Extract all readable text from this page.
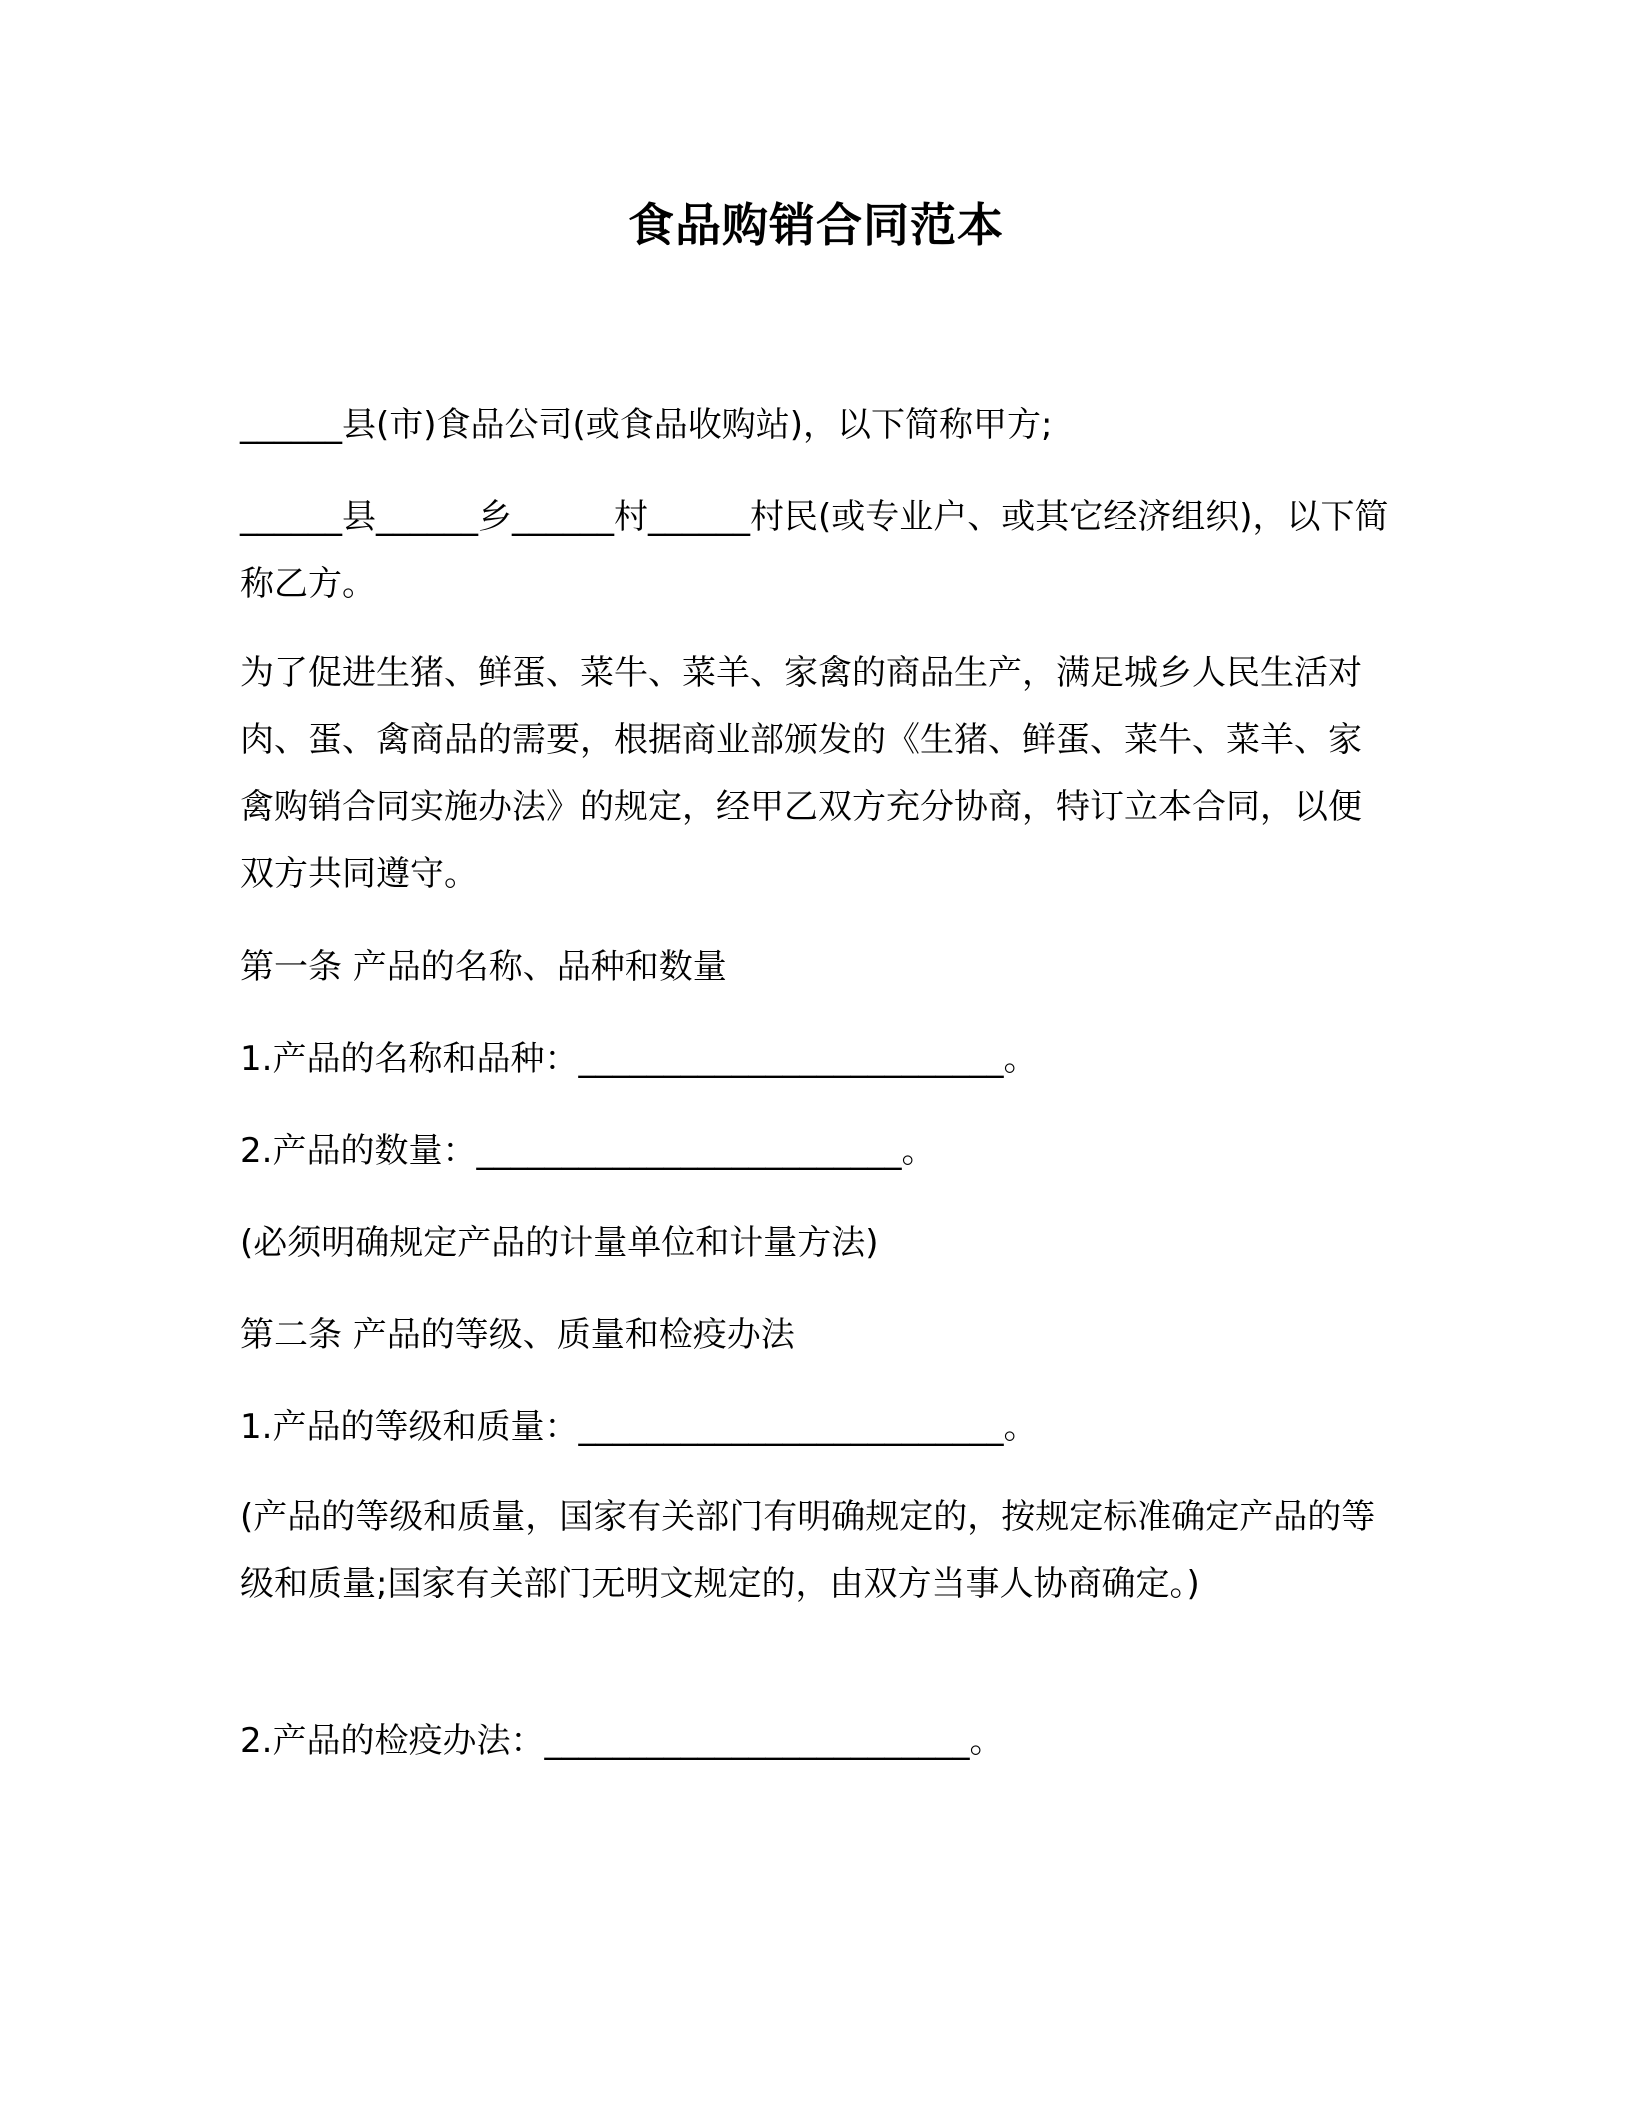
食品购销合同范本
______县(市)食品公司(或食品收购站)，以下简称甲方;
______县______乡______村______村民(或专业户、或其它经济组织)，以下简称乙方。
为了促进生猪、鲜蛋、菜牛、菜羊、家禽的商品生产，满足城乡人民生活对肉、蛋、禽商品的需要，根据商业部颁发的《生猪、鲜蛋、菜牛、菜羊、家禽购销合同实施办法》的规定，经甲乙双方充分协商，特订立本合同，以便双方共同遵守。
第一条 产品的名称、品种和数量
1.产品的名称和品种：_________________________。
2.产品的数量：_________________________。
(必须明确规定产品的计量单位和计量方法)
第二条 产品的等级、质量和检疫办法
1.产品的等级和质量：_________________________。
(产品的等级和质量，国家有关部门有明确规定的，按规定标准确定产品的等级和质量;国家有关部门无明文规定的，由双方当事人协商确定。)
2.产品的检疫办法：_________________________。
